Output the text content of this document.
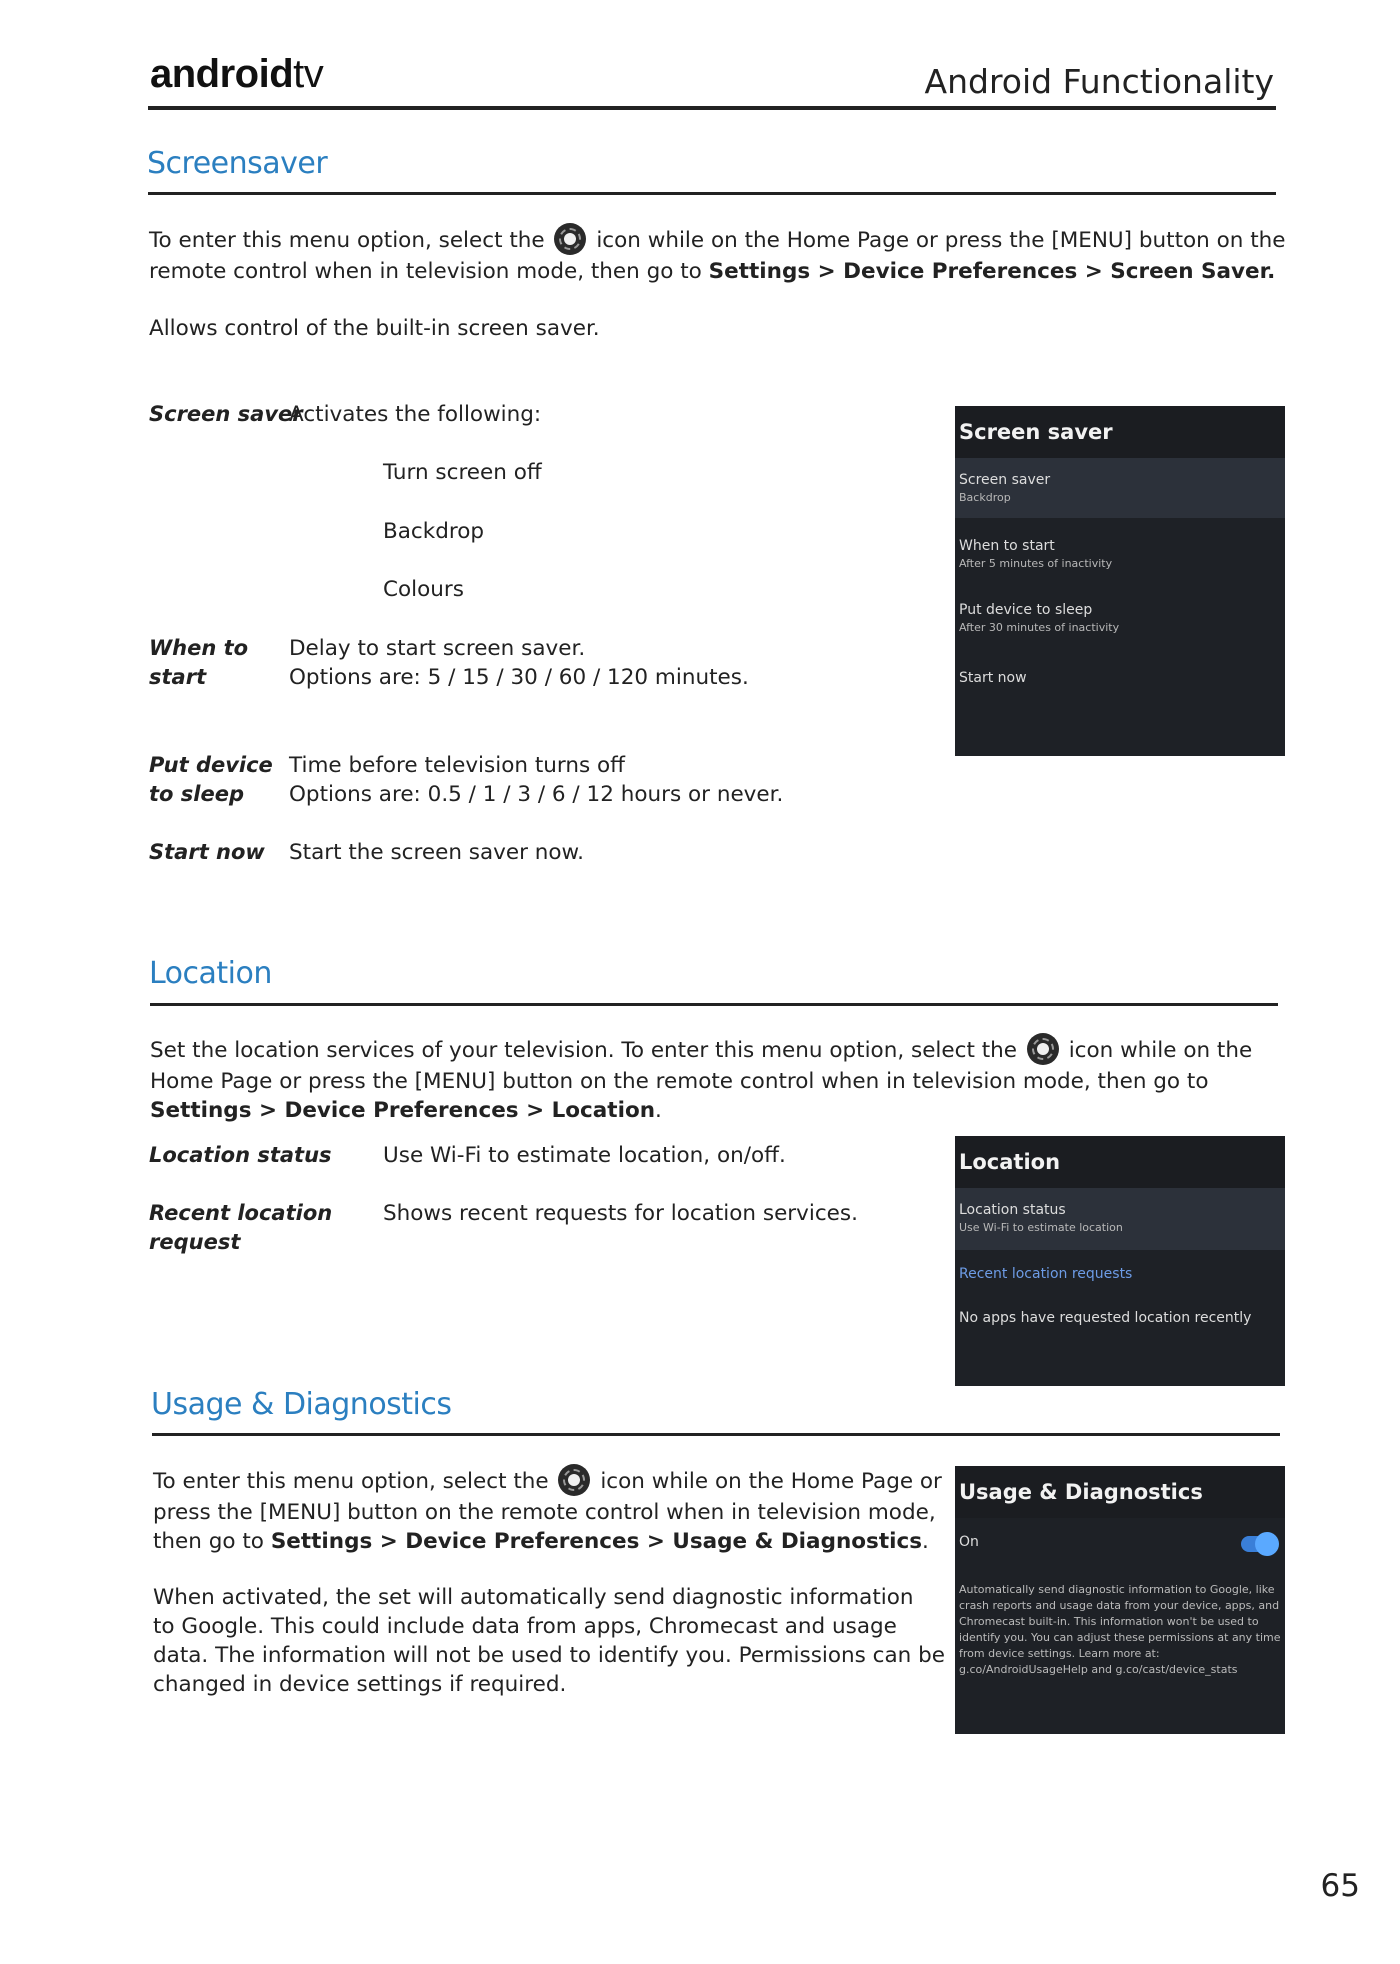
androidtv	Android Functionality
Screensaver
To enter this menu option, select the icon while on the Home Page or press the [MENU] button on the
remote control when in television mode, then go to Settings > Device Preferences > Screen Saver.
Allows control of the built-in screen saver.
Screen saver
Activates the following:
Turn screen off
Backdrop
Colours
When to
start
Delay to start screen saver.
Options are: 5 / 15 / 30 / 60 / 120 minutes.
Put device
to sleep
Time before television turns off
Options are: 0.5 / 1 / 3 / 6 / 12 hours or never.
Start now Start the screen saver now.
Screen saver
Screen saver
Backdrop
When to start
After 5 minutes of inactivity
Put device to sleep
After 30 minutes of inactivity
Start now
Location
Set the location services of your television. To enter this menu option, select the icon while on the
Home Page or press the [MENU] button on the remote control when in television mode, then go to
Settings > Device Preferences > Location.
Location status Use Wi-Fi to estimate location, on/off.
Recent location
request
Shows recent requests for location services.
Location
Location status
Use Wi-Fi to estimate location
Recent location requests
No apps have requested location recently
Usage & Diagnostics
To enter this menu option, select the icon while on the Home Page or
press the [MENU] button on the remote control when in television mode,
then go to Settings > Device Preferences > Usage & Diagnostics.
When activated, the set will automatically send diagnostic information
to Google. This could include data from apps, Chromecast and usage
data. The information will not be used to identify you. Permissions can be
changed in device settings if required.
Usage & Diagnostics
On
Automatically send diagnostic information to Google, like crash reports and usage data from your device, apps, and Chromecast built-in. This information won't be used to identify you. You can adjust these permissions at any time from device settings. Learn more at: g.co/AndroidUsageHelp and g.co/cast/device_stats
65
